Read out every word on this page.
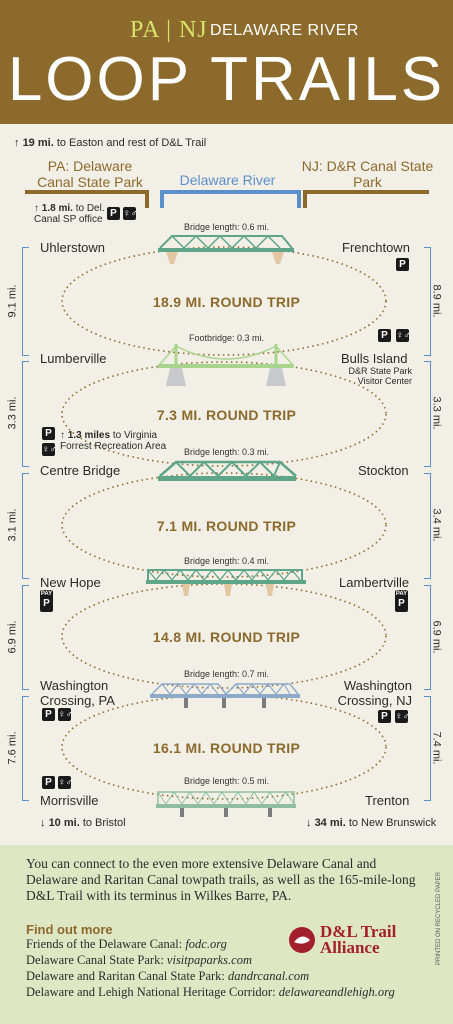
PA | NJ DELAWARE RIVER
LOOP TRAILS
↑ 19 mi. to Easton and rest of D&L Trail
PA: Delaware Canal State Park	Delaware River
NJ: D&R Canal State Park
↑ 1.8 mi. to Del. Canal SP office
P ♀♂
9.1 mi.
3.3 mi.
3.1 mi.
6.9 mi.
7.6 mi.
8.9 mi.
3.3 mi.
3.4 mi.
6.9 mi.
7.4 mi.
Bridge length: 0.6 mi.
Footbridge: 0.3 mi.
Bridge length: 0.3 mi.
Bridge length: 0.4 mi.
Bridge length: 0.7 mi.
Bridge length: 0.5 mi.
18.9 MI. ROUND TRIP
7.3 MI. ROUND TRIP
7.1 MI. ROUND TRIP
14.8 MI. ROUND TRIP
16.1 MI. ROUND TRIP
Uhlerstown
Lumberville
Centre Bridge
New Hope
Washington Crossing, PA
Morrisville
Frenchtown
Bulls Island
D&R State Park Visitor Center
Stockton
Lambertville
Washington Crossing, NJ
Trenton
P
P ♀♂
P
♀♂
↑ 1.3 miles to Virginia Forrest Recreation Area
PAY
P
PAY
P
P ♀♂	P ♀♂
P ♀♂
↓ 10 mi. to Bristol	↓ 34 mi. to New Brunswick
You can connect to the even more extensive Delaware Canal and Delaware and Raritan Canal towpath trails, as well as the 165-mile-long D&L Trail with its terminus in Wilkes Barre, PA.
Find out more
Friends of the Delaware Canal: fodc.org
Delaware Canal State Park: visitpaparks.com
Delaware and Raritan Canal State Park: dandrcanal.com
Delaware and Lehigh National Heritage Corridor: delawareandlehigh.org
PRINTED ON RECYCLED PAPER
D&L Trail Alliance
